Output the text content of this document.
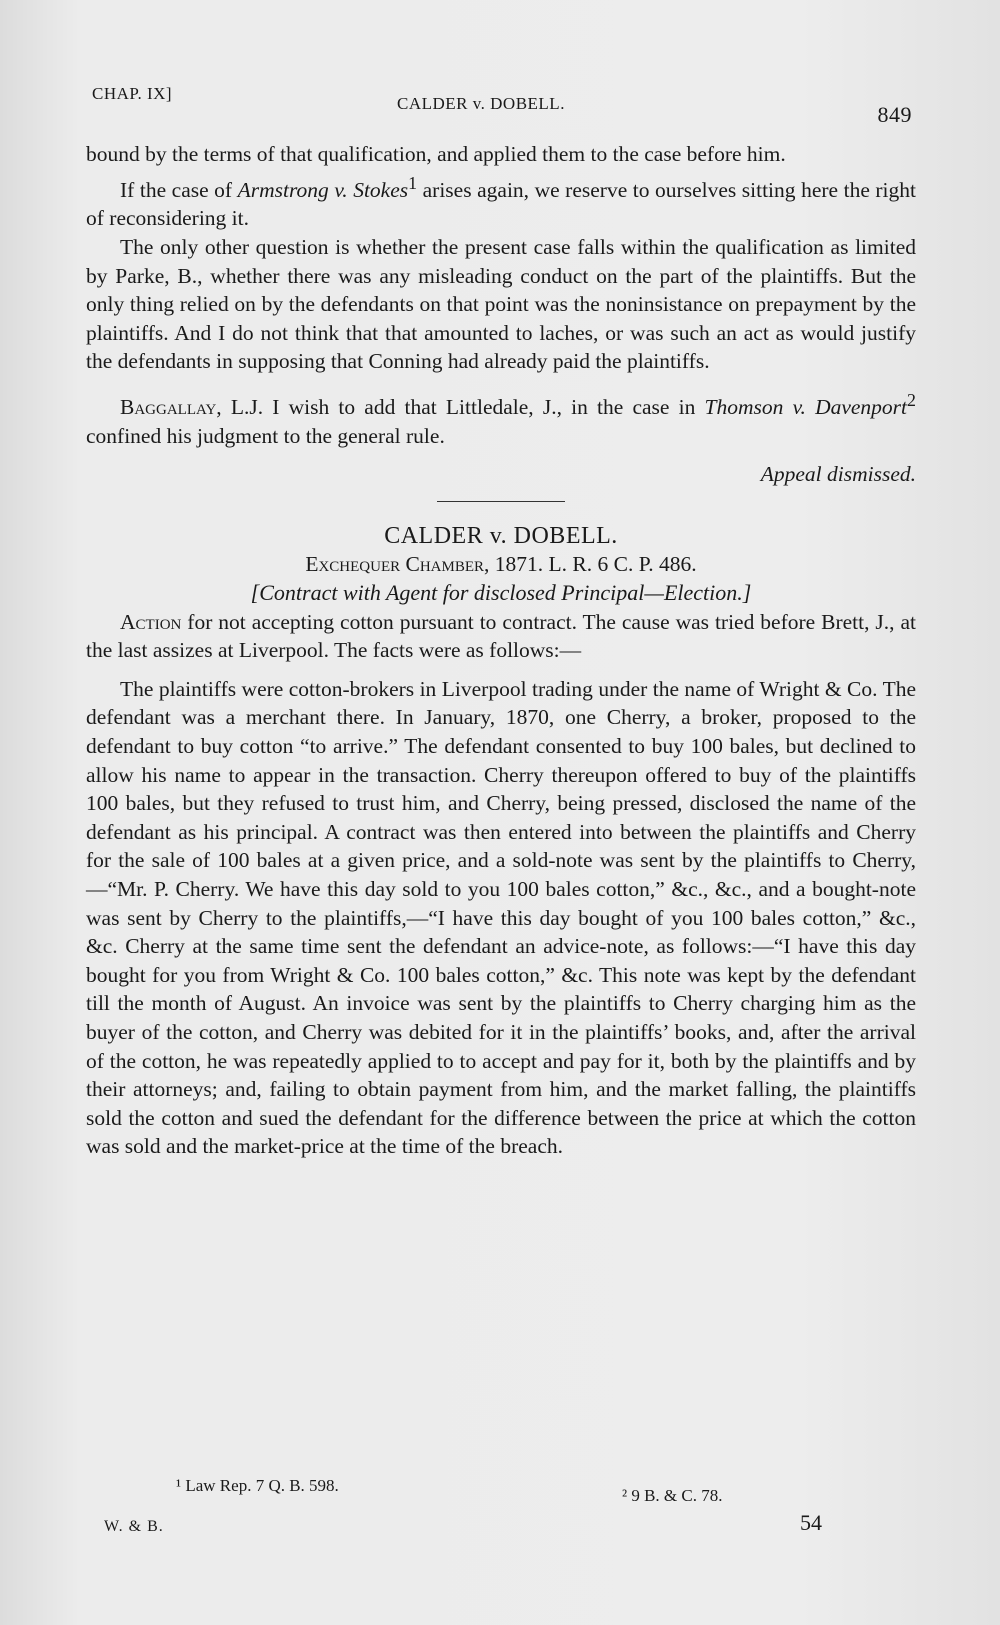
CHAP. IX]
CALDER v. DOBELL.	849

bound by the terms of that qualification, and applied them to the case before him.

If the case of Armstrong v. Stokes$^1$ arises again, we reserve to ourselves sitting here the right of reconsidering it.

The only other question is whether the present case falls within the qualification as limited by Parke, B., whether there was any misleading conduct on the part of the plaintiffs. But the only thing relied on by the defendants on that point was the noninsistance on prepayment by the plaintiffs. And I do not think that that amounted to laches, or was such an act as would justify the defendants in supposing that Conning had already paid the plaintiffs.

Baggallay, L.J. I wish to add that Littledale, J., in the case in Thomson v. Davenport$^2$ confined his judgment to the general rule.

Appeal dismissed.

CALDER v. DOBELL.

Exchequer Chamber, 1871. L. R. 6 C. P. 486.

[Contract with Agent for disclosed Principal—Election.]

Action for not accepting cotton pursuant to contract. The cause was tried before Brett, J., at the last assizes at Liverpool. The facts were as follows:—

The plaintiffs were cotton-brokers in Liverpool trading under the name of Wright & Co. The defendant was a merchant there. In January, 1870, one Cherry, a broker, proposed to the defendant to buy cotton “to arrive.” The defendant consented to buy 100 bales, but declined to allow his name to appear in the transaction. Cherry thereupon offered to buy of the plaintiffs 100 bales, but they refused to trust him, and Cherry, being pressed, disclosed the name of the defendant as his principal. A contract was then entered into between the plaintiffs and Cherry for the sale of 100 bales at a given price, and a sold-note was sent by the plaintiffs to Cherry,—“Mr. P. Cherry. We have this day sold to you 100 bales cotton,” &c., &c., and a bought-note was sent by Cherry to the plaintiffs,—“I have this day bought of you 100 bales cotton,” &c., &c. Cherry at the same time sent the defendant an advice-note, as follows:—“I have this day bought for you from Wright & Co. 100 bales cotton,” &c. This note was kept by the defendant till the month of August. An invoice was sent by the plaintiffs to Cherry charging him as the buyer of the cotton, and Cherry was debited for it in the plaintiffs’ books, and, after the arrival of the cotton, he was repeatedly applied to to accept and pay for it, both by the plaintiffs and by their attorneys; and, failing to obtain payment from him, and the market falling, the plaintiffs sold the cotton and sued the defendant for the difference between the price at which the cotton was sold and the market-price at the time of the breach.

¹ Law Rep. 7 Q. B. 598.
² 9 B. & C. 78.
W. & B.	54
